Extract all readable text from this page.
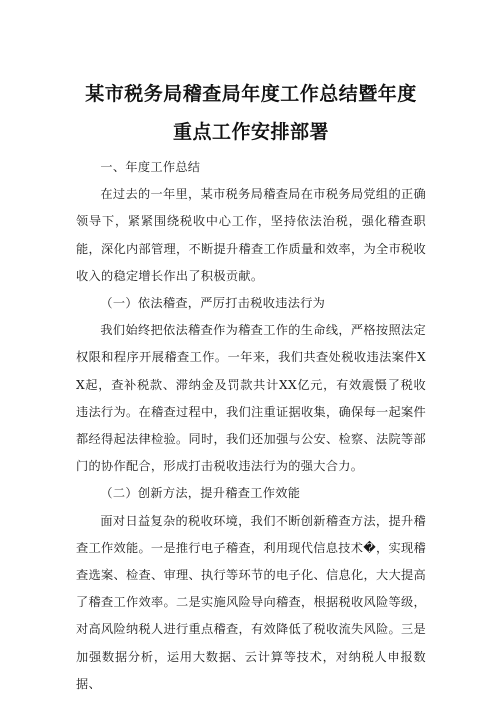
某市税务局稽查局年度工作总结暨年度
重点工作安排部署

一、年度工作总结

在过去的一年里，某市税务局稽查局在市税务局党组的正确领导下，紧紧围绕税收中心工作，坚持依法治税，强化稽查职能，深化内部管理，不断提升稽查工作质量和效率，为全市税收收入的稳定增长作出了积极贡献。

（一）依法稽查，严厉打击税收违法行为

我们始终把依法稽查作为稽查工作的生命线，严格按照法定权限和程序开展稽查工作。一年来，我们共查处税收违法案件XX起，查补税款、滞纳金及罚款共计XX亿元，有效震慑了税收违法行为。在稽查过程中，我们注重证据收集，确保每一起案件都经得起法律检验。同时，我们还加强与公安、检察、法院等部门的协作配合，形成打击税收违法行为的强大合力。

（二）创新方法，提升稽查工作效能

面对日益复杂的税收环境，我们不断创新稽查方法，提升稽查工作效能。一是推行电子稽查，利用现代信息技术�，实现稽查选案、检查、审理、执行等环节的电子化、信息化，大大提高了稽查工作效率。二是实施风险导向稽查，根据税收风险等级，对高风险纳税人进行重点稽查，有效降低了税收流失风险。三是加强数据分析，运用大数据、云计算等技术，对纳税人申报数据、
